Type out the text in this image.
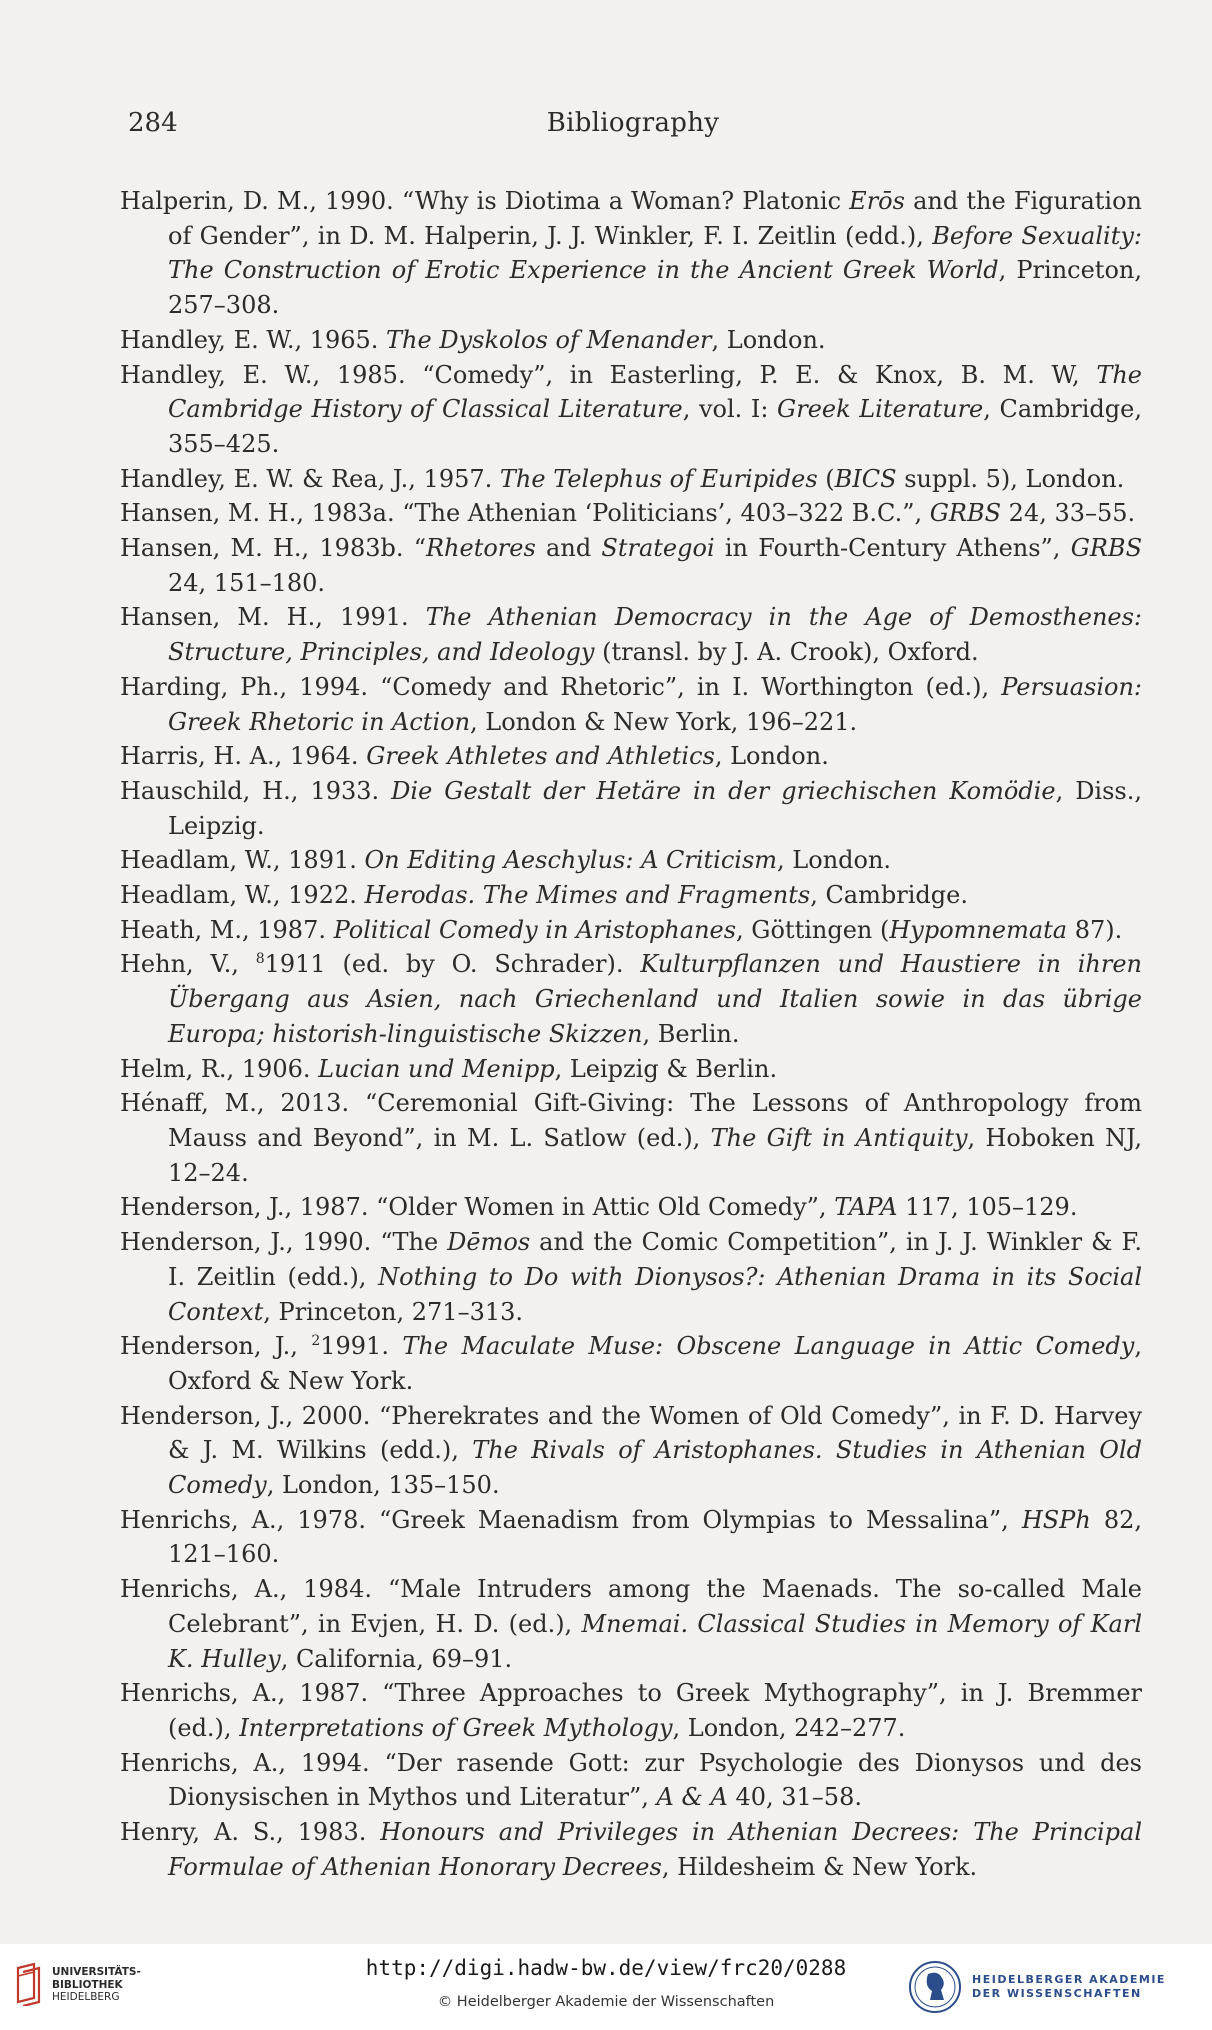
284	Bibliography
Halperin, D. M., 1990. “Why is Diotima a Woman? Platonic Erōs and the Figuration of Gender”, in D. M. Halperin, J. J. Winkler, F. I. Zeitlin (edd.), Before Sexuality: The Construction of Erotic Experience in the Ancient Greek World, Princeton, 257–308.
Handley, E. W., 1965. The Dyskolos of Menander, London.
Handley, E. W., 1985. “Comedy”, in Easterling, P. E. & Knox, B. M. W, The Cambridge History of Classical Literature, vol. I: Greek Literature, Cambridge, 355–425.
Handley, E. W. & Rea, J., 1957. The Telephus of Euripides (BICS suppl. 5), London.
Hansen, M. H., 1983a. “The Athenian ‘Politicians’, 403–322 B.C.”, GRBS 24, 33–55.
Hansen, M. H., 1983b. “Rhetores and Strategoi in Fourth-Century Athens”, GRBS 24, 151–180.
Hansen, M. H., 1991. The Athenian Democracy in the Age of Demosthenes: Structure, Principles, and Ideology (transl. by J. A. Crook), Oxford.
Harding, Ph., 1994. “Comedy and Rhetoric”, in I. Worthington (ed.), Persuasion: Greek Rhetoric in Action, London & New York, 196–221.
Harris, H. A., 1964. Greek Athletes and Athletics, London.
Hauschild, H., 1933. Die Gestalt der Hetäre in der griechischen Komödie, Diss., Leipzig.
Headlam, W., 1891. On Editing Aeschylus: A Criticism, London.
Headlam, W., 1922. Herodas. The Mimes and Fragments, Cambridge.
Heath, M., 1987. Political Comedy in Aristophanes, Göttingen (Hypomnemata 87).
Hehn, V., $^8$1911 (ed. by O. Schrader). Kulturpflanzen und Haustiere in ihren Übergang aus Asien, nach Griechenland und Italien sowie in das übrige Europa; historish-linguistische Skizzen, Berlin.
Helm, R., 1906. Lucian und Menipp, Leipzig & Berlin.
Hénaff, M., 2013. “Ceremonial Gift-Giving: The Lessons of Anthropology from Mauss and Beyond”, in M. L. Satlow (ed.), The Gift in Antiquity, Hoboken NJ, 12–24.
Henderson, J., 1987. “Older Women in Attic Old Comedy”, TAPA 117, 105–129.
Henderson, J., 1990. “The Dēmos and the Comic Competition”, in J. J. Winkler & F. I. Zeitlin (edd.), Nothing to Do with Dionysos?: Athenian Drama in its Social Context, Princeton, 271–313.
Henderson, J., $^2$1991. The Maculate Muse: Obscene Language in Attic Comedy, Oxford & New York.
Henderson, J., 2000. “Pherekrates and the Women of Old Comedy”, in F. D. Harvey & J. M. Wilkins (edd.), The Rivals of Aristophanes. Studies in Athenian Old Comedy, London, 135–150.
Henrichs, A., 1978. “Greek Maenadism from Olympias to Messalina”, HSPh 82, 121–160.
Henrichs, A., 1984. “Male Intruders among the Maenads. The so-called Male Celebrant”, in Evjen, H. D. (ed.), Mnemai. Classical Studies in Memory of Karl K. Hulley, California, 69–91.
Henrichs, A., 1987. “Three Approaches to Greek Mythography”, in J. Bremmer (ed.), Interpretations of Greek Mythology, London, 242–277.
Henrichs, A., 1994. “Der rasende Gott: zur Psychologie des Dionysos und des Dionysischen in Mythos und Literatur”, A & A 40, 31–58.
Henry, A. S., 1983. Honours and Privileges in Athenian Decrees: The Principal Formulae of Athenian Honorary Decrees, Hildesheim & New York.
UNIVERSITÄTS-
BIBLIOTHEK
HEIDELBERG
http://digi.hadw-bw.de/view/frc20/0288
© Heidelberger Akademie der Wissenschaften
HEIDELBERGER AKADEMIE
DER WISSENSCHAFTEN
